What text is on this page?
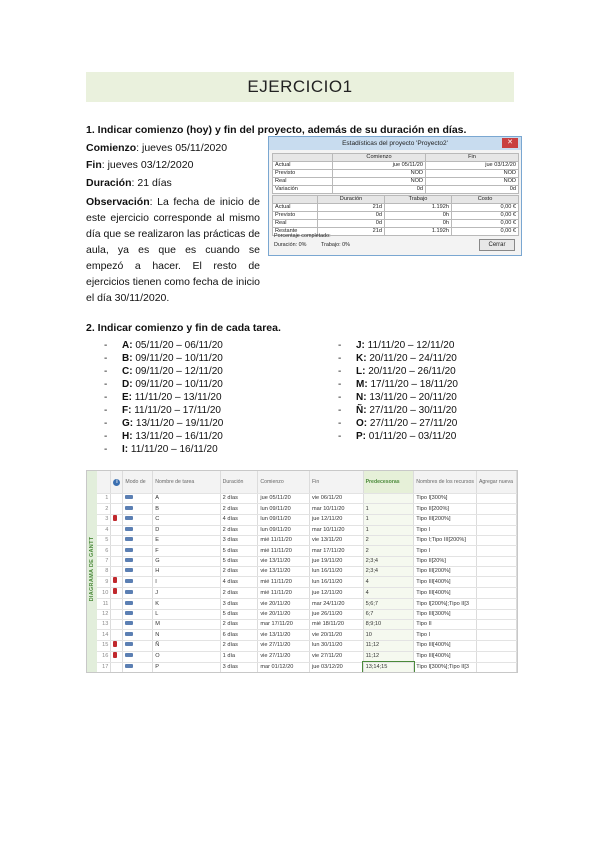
EJERCICIO1
1. Indicar comienzo (hoy) y fin del proyecto, además de su duración en días.
Comienzo: jueves 05/11/2020
Fin: jueves 03/12/2020
Duración: 21 días
Observación: La fecha de inicio de este ejercicio corresponde al mismo día que se realizaron las prácticas de aula, ya es que es cuando se empezó a hacer. El resto de ejercicios tienen como fecha de inicio el día 30/11/2020.
Estadísticas del proyecto 'Proyecto2'	✕
	Comienzo	Fin
Actual	jue 05/11/20	jue 03/12/20
Previsto	NOD	NOD
Real	NOD	NOD
Variación	0d	0d
	Duración	Trabajo	Costo
Actual	21d	1.192h	0,00 €
Previsto	0d	0h	0,00 €
Real	0d	0h	0,00 €
Restante	21d	1.192h	0,00 €
Porcentaje completado:
Duración: 0%	Trabajo: 0%	Cerrar
2. Indicar comienzo y fin de cada tarea.
-	A: 05/11/20 – 06/11/20
-	B: 09/11/20 – 10/11/20
-	C: 09/11/20 – 12/11/20
-	D: 09/11/20 – 10/11/20
-	E: 11/11/20 – 13/11/20
-	F: 11/11/20 – 17/11/20
-	G: 13/11/20 – 19/11/20
-	H: 13/11/20 – 16/11/20
-	I: 11/11/20 – 16/11/20
-	J: 11/11/20 – 12/11/20
-	K: 20/11/20 – 24/11/20
-	L: 20/11/20 – 26/11/20
-	M: 17/11/20 – 18/11/20
-	N: 13/11/20 – 20/11/20
-	Ñ: 27/11/20 – 30/11/20
-	O: 27/11/20 – 27/11/20
-	P: 01/11/20 – 03/11/20
DIAGRAMA DE GANTT
	i	Modo de	Nombre de tarea	Duración	Comienzo	Fin	Predecesoras	Nombres de los recursos	Agregar nueva
1			A	2 días	jue 05/11/20	vie 06/11/20		Tipo I[300%]	
2			B	2 días	lun 09/11/20	mar 10/11/20	1	Tipo II[200%]	
3			C	4 días	lun 09/11/20	jue 12/11/20	1	Tipo III[200%]	
4			D	2 días	lun 09/11/20	mar 10/11/20	1	Tipo I	
5			E	3 días	mié 11/11/20	vie 13/11/20	2	Tipo I;Tipo III[200%]	
6			F	5 días	mié 11/11/20	mar 17/11/20	2	Tipo I	
7			G	5 días	vie 13/11/20	jue 19/11/20	2;3;4	Tipo II[20%]	
8			H	2 días	vie 13/11/20	lun 16/11/20	2;3;4	Tipo III[200%]	
9			I	4 días	mié 11/11/20	lun 16/11/20	4	Tipo III[400%]	
10			J	2 días	mié 11/11/20	jue 12/11/20	4	Tipo III[400%]	
11			K	3 días	vie 20/11/20	mar 24/11/20	5;6;7	Tipo I[200%];Tipo II[3	
12			L	5 días	vie 20/11/20	jue 26/11/20	6;7	Tipo III[300%]	
13			M	2 días	mar 17/11/20	mié 18/11/20	8;9;10	Tipo II	
14			N	6 días	vie 13/11/20	vie 20/11/20	10	Tipo I	
15			Ñ	2 días	vie 27/11/20	lun 30/11/20	11;12	Tipo III[400%]	
16			O	1 día	vie 27/11/20	vie 27/11/20	11;12	Tipo III[400%]	
17			P	3 días	mar 01/12/20	jue 03/12/20	13;14;15	Tipo I[300%];Tipo II[3	
